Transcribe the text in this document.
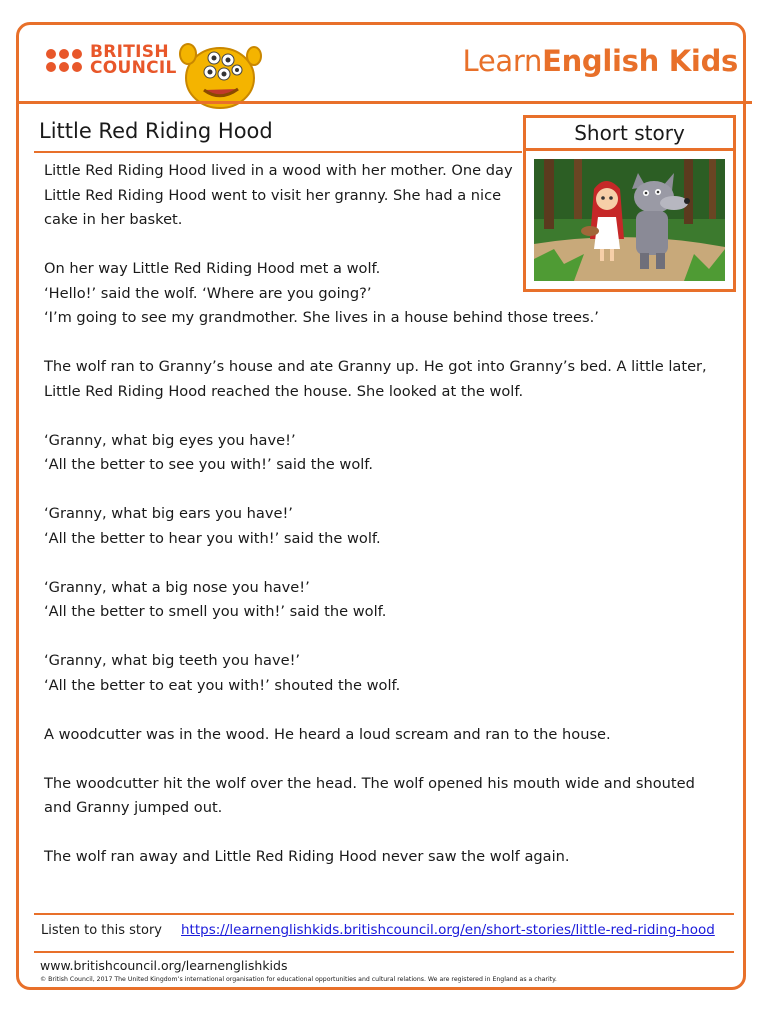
BRITISH
COUNCIL	LearnEnglish Kids
Little Red Riding Hood	Short story

Little Red Riding Hood lived in a wood with her mother. One day Little Red Riding Hood went to visit her granny. She had a nice cake in her basket.

On her way Little Red Riding Hood met a wolf.
‘Hello!’ said the wolf. ‘Where are you going?’
‘I’m going to see my grandmother. She lives in a house behind those trees.’

The wolf ran to Granny’s house and ate Granny up. He got into Granny’s bed. A little later, Little Red Riding Hood reached the house. She looked at the wolf.

‘Granny, what big eyes you have!’
‘All the better to see you with!’ said the wolf.

‘Granny, what big ears you have!’
‘All the better to hear you with!’ said the wolf.

‘Granny, what a big nose you have!’
‘All the better to smell you with!’ said the wolf.

‘Granny, what big teeth you have!’
‘All the better to eat you with!’ shouted the wolf.

A woodcutter was in the wood. He heard a loud scream and ran to the house.

The woodcutter hit the wolf over the head. The wolf opened his mouth wide and shouted and Granny jumped out.

The wolf ran away and Little Red Riding Hood never saw the wolf again.

Listen to this story https://learnenglishkids.britishcouncil.org/en/short-stories/little-red-riding-hood
www.britishcouncil.org/learnenglishkids
© British Council, 2017 The United Kingdom’s international organisation for educational opportunities and cultural relations. We are registered in England as a charity.
